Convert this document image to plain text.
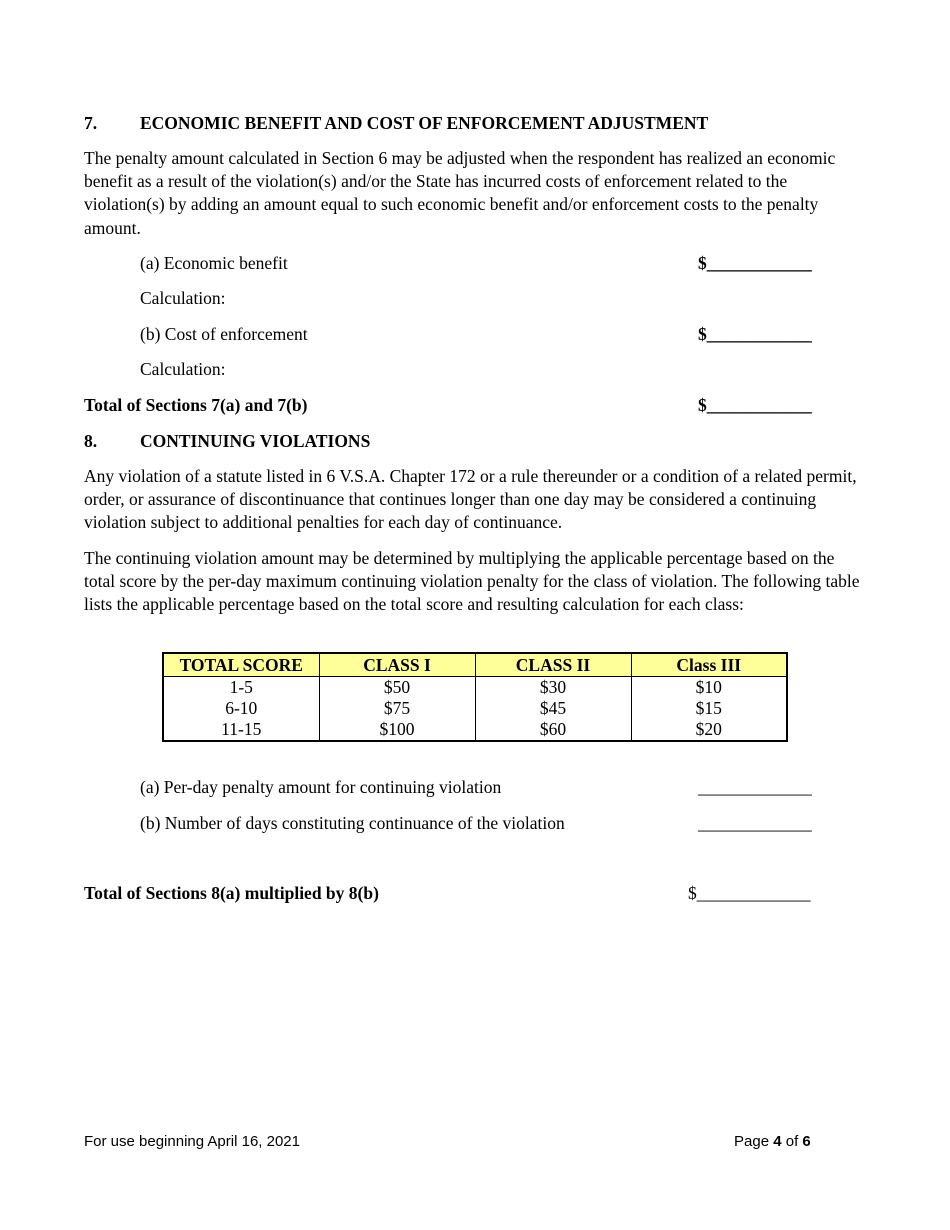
7. ECONOMIC BENEFIT AND COST OF ENFORCEMENT ADJUSTMENT

The penalty amount calculated in Section 6 may be adjusted when the respondent has realized an economic benefit as a result of the violation(s) and/or the State has incurred costs of enforcement related to the violation(s) by adding an amount equal to such economic benefit and/or enforcement costs to the penalty amount.

(a) Economic benefit	$____________
Calculation:
(b) Cost of enforcement	$____________
Calculation:
Total of Sections 7(a) and 7(b)	$____________
8. CONTINUING VIOLATIONS

Any violation of a statute listed in 6 V.S.A. Chapter 172 or a rule thereunder or a condition of a related permit, order, or assurance of discontinuance that continues longer than one day may be considered a continuing violation subject to additional penalties for each day of continuance.

The continuing violation amount may be determined by multiplying the applicable percentage based on the total score by the per-day maximum continuing violation penalty for the class of violation. The following table lists the applicable percentage based on the total score and resulting calculation for each class:

TOTAL SCORE	CLASS I	CLASS II	Class III
1-5	$50	$30	$10
6-10	$75	$45	$15
11-15	$100	$60	$20
(a) Per-day penalty amount for continuing violation	_____________
(b) Number of days constituting continuance of the violation	_____________
Total of Sections 8(a) multiplied by 8(b)	$_____________
For use beginning April 16, 2021	Page 4 of 6
